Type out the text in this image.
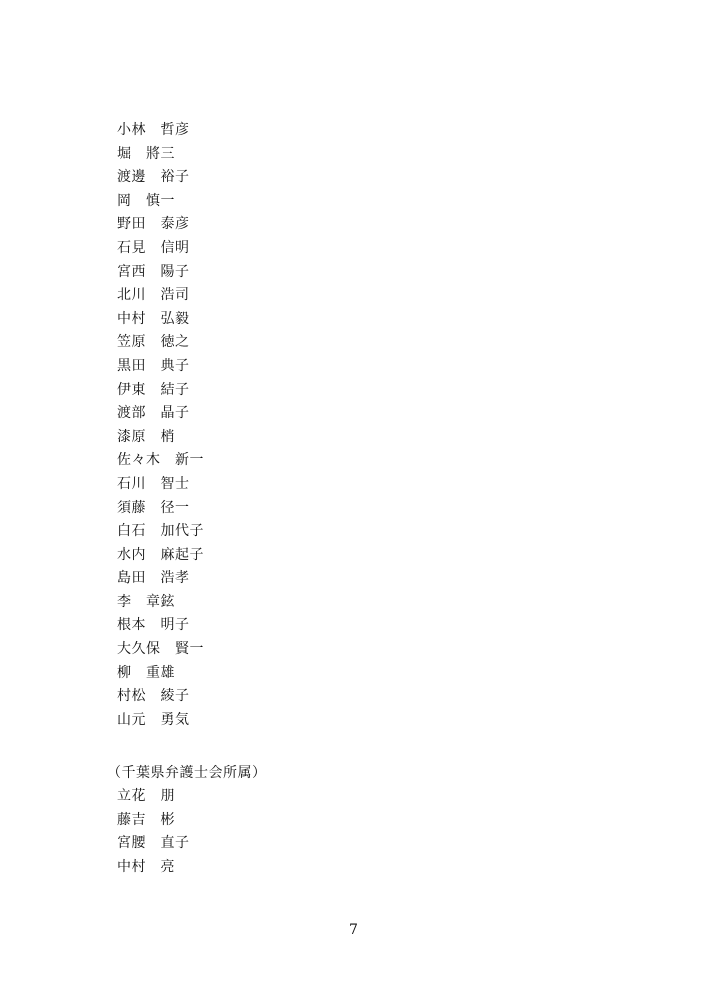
小林　哲彦
堀　將三
渡邊　裕子
岡　慎一
野田　泰彦
石見　信明
宮西　陽子
北川　浩司
中村　弘毅
笠原　徳之
黒田　典子
伊東　結子
渡部　晶子
漆原　梢
佐々木　新一
石川　智士
須藤　径一
白石　加代子
水内　麻起子
島田　浩孝
李　章鉉
根本　明子
大久保　賢一
柳　重雄
村松　綾子
山元　勇気
（千葉県弁護士会所属）
立花　朋
藤吉　彬
宮腰　直子
中村　亮
7
